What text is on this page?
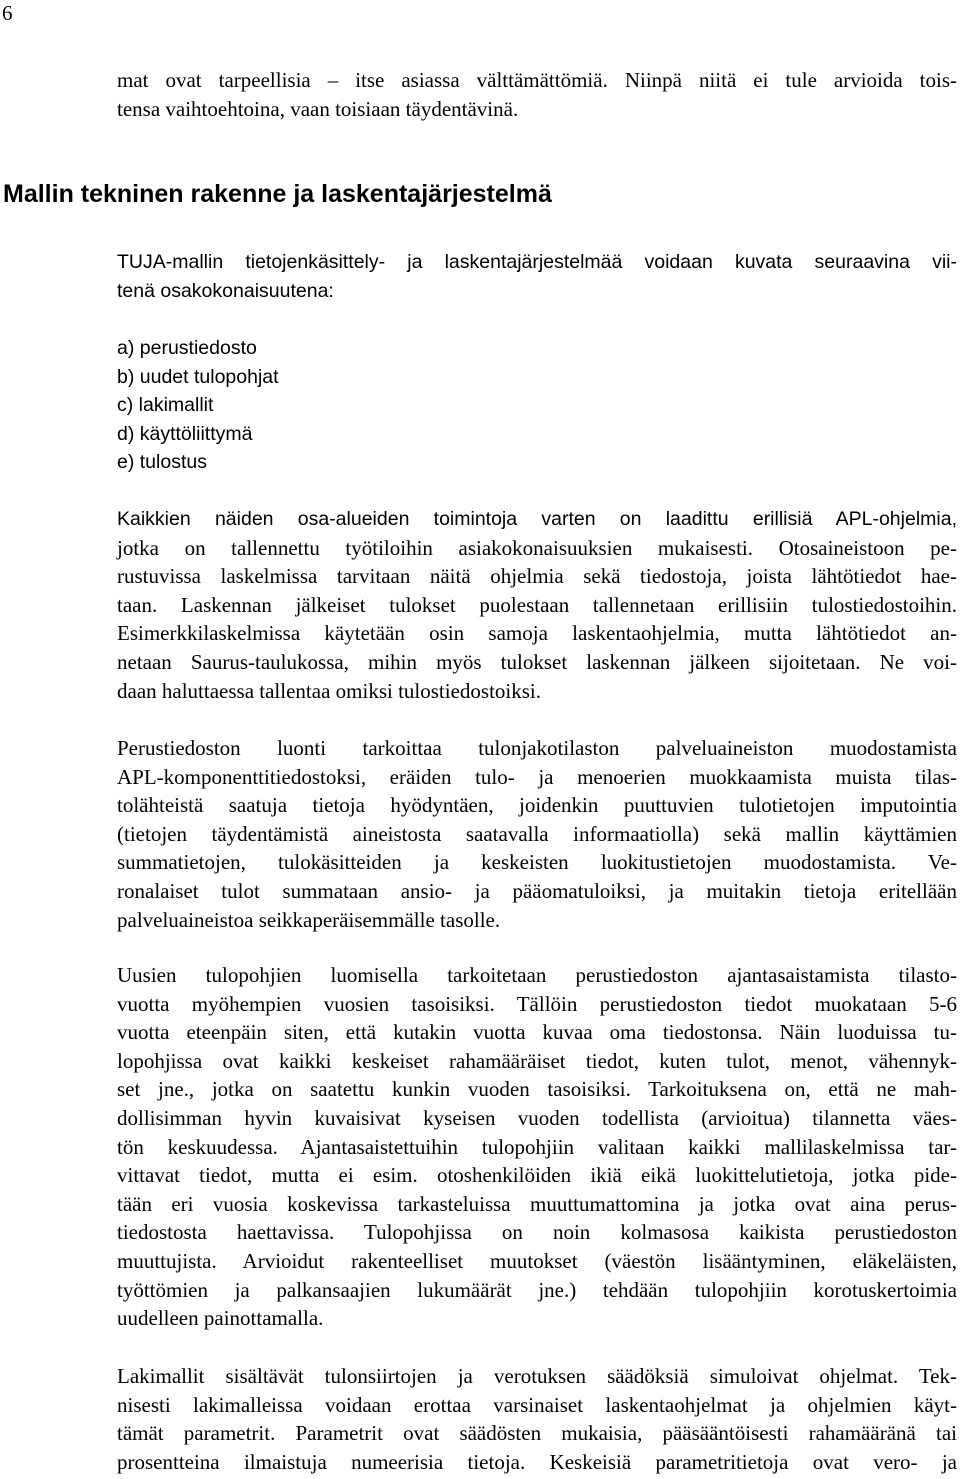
6
mat ovat tarpeellisia – itse asiassa välttämättömiä. Niinpä niitä ei tule arvioida tois-
tensa vaihtoehtoina, vaan toisiaan täydentävinä.
Mallin tekninen rakenne ja laskentajärjestelmä
TUJA-mallin tietojenkäsittely- ja laskentajärjestelmää voidaan kuvata seuraavina vii-
tenä osakokonaisuutena:
a) perustiedosto
b) uudet tulopohjat
c) lakimallit
d) käyttöliittymä
e) tulostus
Kaikkien näiden osa-alueiden toimintoja varten on laadittu erillisiä APL-ohjelmia,
jotka on tallennettu työtiloihin asiakokonaisuuksien mukaisesti. Otosaineistoon pe-
rustuvissa laskelmissa tarvitaan näitä ohjelmia sekä tiedostoja, joista lähtötiedot hae-
taan. Laskennan jälkeiset tulokset puolestaan tallennetaan erillisiin tulostiedostoihin.
Esimerkkilaskelmissa käytetään osin samoja laskentaohjelmia, mutta lähtötiedot an-
netaan Saurus-taulukossa, mihin myös tulokset laskennan jälkeen sijoitetaan. Ne voi-
daan haluttaessa tallentaa omiksi tulostiedostoiksi.
Perustiedoston luonti tarkoittaa tulonjakotilaston palveluaineiston muodostamista
APL-komponenttitiedostoksi, eräiden tulo- ja menoerien muokkaamista muista tilas-
tolähteistä saatuja tietoja hyödyntäen, joidenkin puuttuvien tulotietojen imputointia
(tietojen täydentämistä aineistosta saatavalla informaatiolla) sekä mallin käyttämien
summatietojen, tulokäsitteiden ja keskeisten luokitustietojen muodostamista. Ve-
ronalaiset tulot summataan ansio- ja pääomatuloiksi, ja muitakin tietoja eritellään
palveluaineistoa seikkaperäisemmälle tasolle.
Uusien tulopohjien luomisella tarkoitetaan perustiedoston ajantasaistamista tilasto-
vuotta myöhempien vuosien tasoisiksi. Tällöin perustiedoston tiedot muokataan 5-6
vuotta eteenpäin siten, että kutakin vuotta kuvaa oma tiedostonsa. Näin luoduissa tu-
lopohjissa ovat kaikki keskeiset rahamääräiset tiedot, kuten tulot, menot, vähennyk-
set jne., jotka on saatettu kunkin vuoden tasoisiksi. Tarkoituksena on, että ne mah-
dollisimman hyvin kuvaisivat kyseisen vuoden todellista (arvioitua) tilannetta väes-
tön keskuudessa. Ajantasaistettuihin tulopohjiin valitaan kaikki mallilaskelmissa tar-
vittavat tiedot, mutta ei esim. otoshenkilöiden ikiä eikä luokittelutietoja, jotka pide-
tään eri vuosia koskevissa tarkasteluissa muuttumattomina ja jotka ovat aina perus-
tiedostosta haettavissa. Tulopohjissa on noin kolmasosa kaikista perustiedoston
muuttujista. Arvioidut rakenteelliset muutokset (väestön lisääntyminen, eläkeläisten,
työttömien ja palkansaajien lukumäärät jne.) tehdään tulopohjiin korotuskertoimia
uudelleen painottamalla.
Lakimallit sisältävät tulonsiirtojen ja verotuksen säädöksiä simuloivat ohjelmat. Tek-
nisesti lakimalleissa voidaan erottaa varsinaiset laskentaohjelmat ja ohjelmien käyt-
tämät parametrit. Parametrit ovat säädösten mukaisia, pääsääntöisesti rahamääränä tai
prosentteina ilmaistuja numeerisia tietoja. Keskeisiä parametritietoja ovat vero- ja
